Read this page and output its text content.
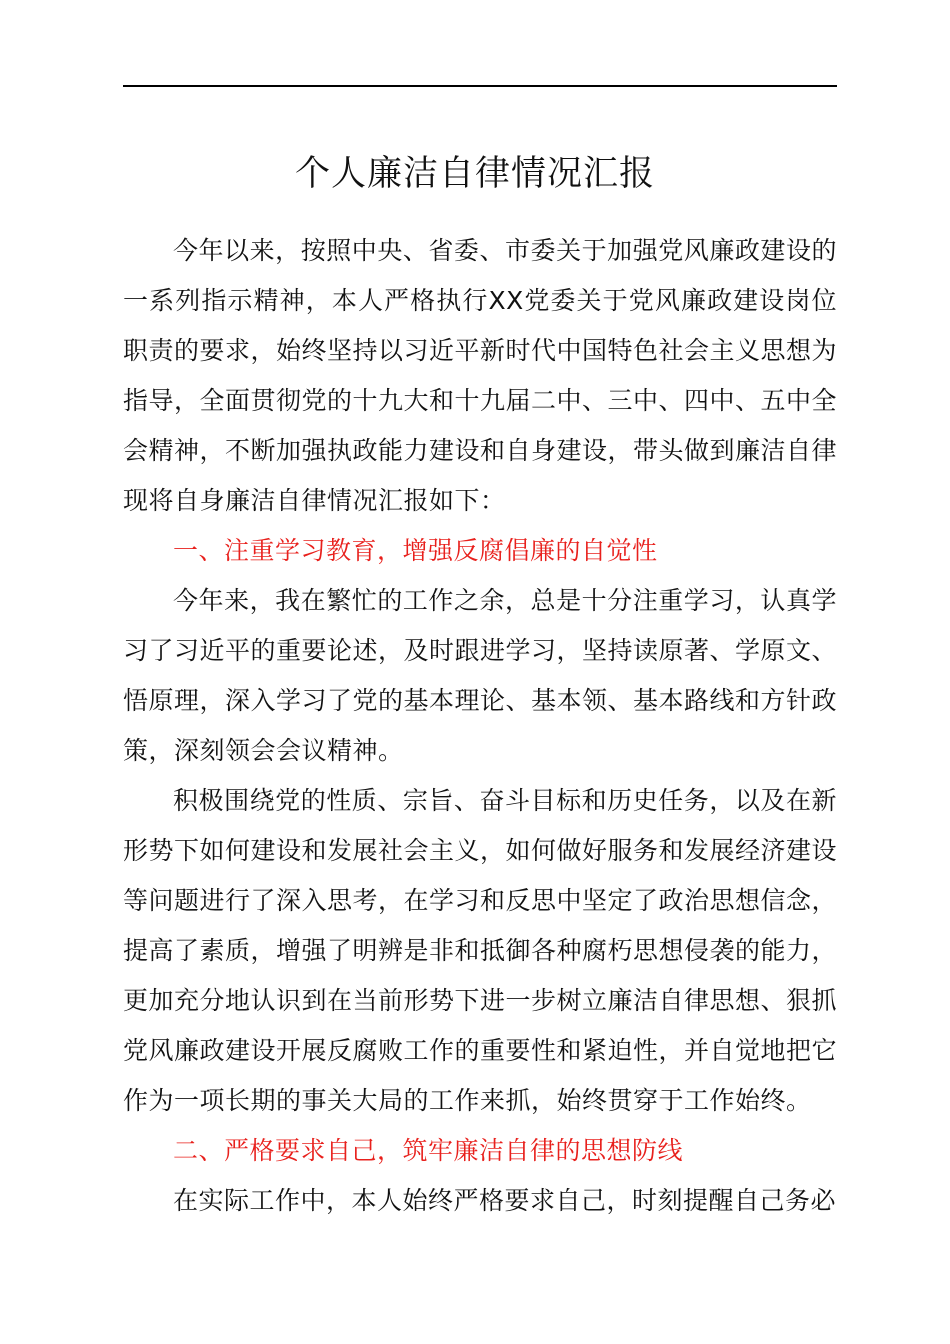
个人廉洁自律情况汇报

今年以来，按照中央、省委、市委关于加强党风廉政建设的一系列指示精神，本人严格执行XX党委关于党风廉政建设岗位职责的要求，始终坚持以习近平新时代中国特色社会主义思想为指导，全面贯彻党的十九大和十九届二中、三中、四中、五中全会精神，不断加强执政能力建设和自身建设，带头做到廉洁自律现将自身廉洁自律情况汇报如下：

一、注重学习教育，增强反腐倡廉的自觉性

今年来，我在繁忙的工作之余，总是十分注重学习，认真学习了习近平的重要论述，及时跟进学习，坚持读原著、学原文、悟原理，深入学习了党的基本理论、基本领、基本路线和方针政策，深刻领会会议精神。

积极围绕党的性质、宗旨、奋斗目标和历史任务，以及在新形势下如何建设和发展社会主义，如何做好服务和发展经济建设等问题进行了深入思考，在学习和反思中坚定了政治思想信念，提高了素质，增强了明辨是非和抵御各种腐朽思想侵袭的能力，更加充分地认识到在当前形势下进一步树立廉洁自律思想、狠抓党风廉政建设开展反腐败工作的重要性和紧迫性，并自觉地把它作为一项长期的事关大局的工作来抓，始终贯穿于工作始终。

二、严格要求自己，筑牢廉洁自律的思想防线

在实际工作中，本人始终严格要求自己，时刻提醒自己务必
